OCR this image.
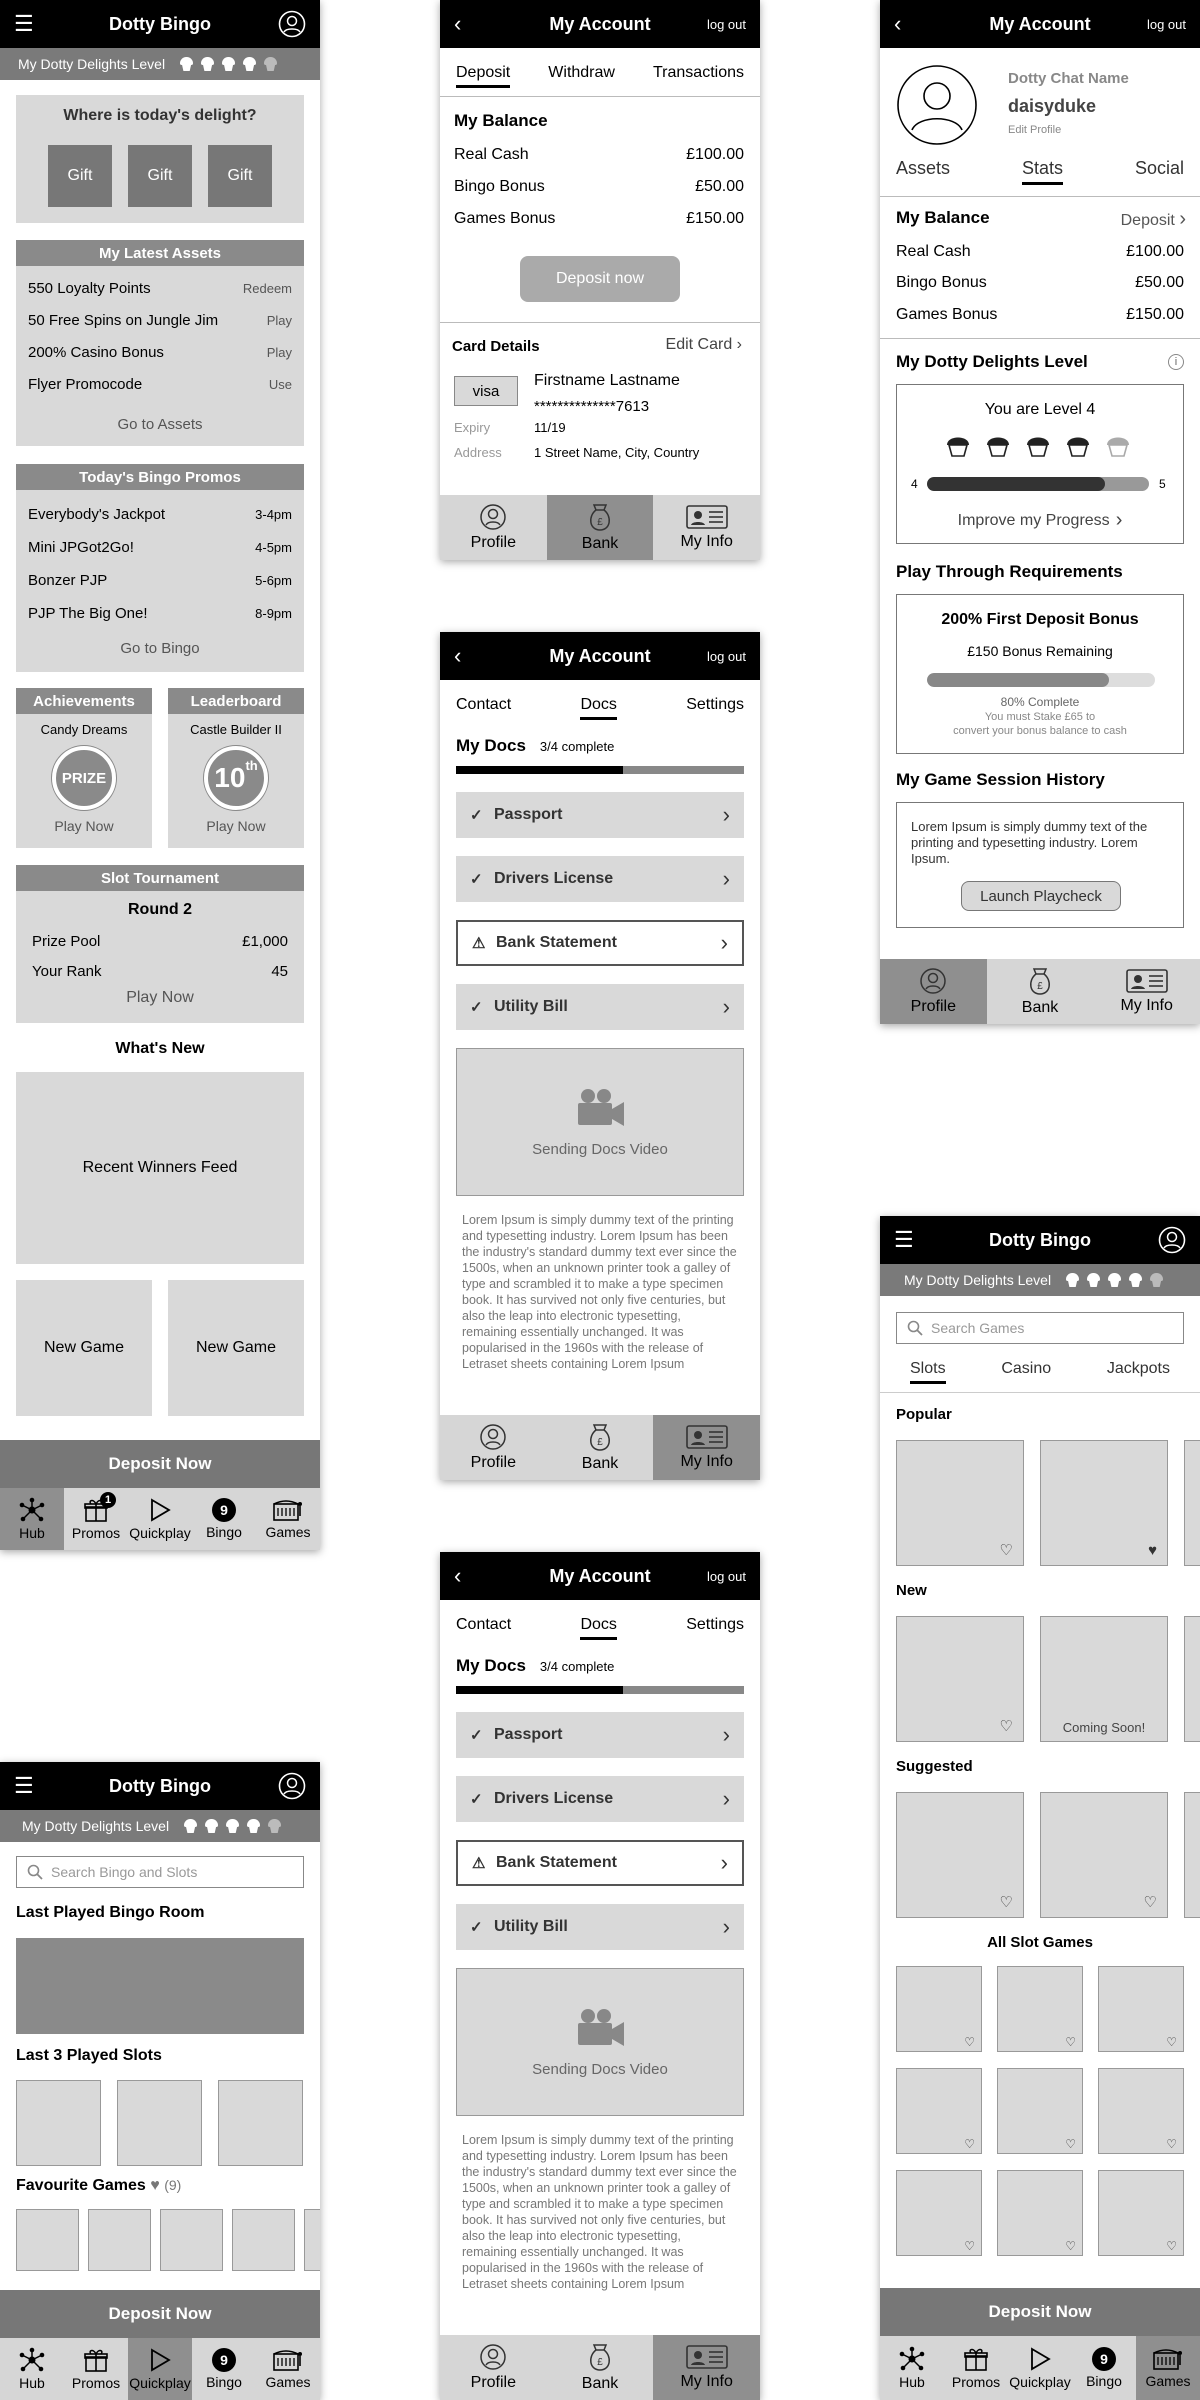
☰	Dotty Bingo
My Dotty Delights Level
Where is today's delight?
Gift	Gift	Gift
My Latest Assets
550 Loyalty Points	Redeem
50 Free Spins on Jungle Jim	Play
200% Casino Bonus	Play
Flyer Promocode	Use
Go to Assets
Today's Bingo Promos
Everybody's Jackpot	3-4pm
Mini JPGot2Go!	4-5pm
Bonzer PJP	5-6pm
PJP The Big One!	8-9pm
Go to Bingo
Achievements
Candy Dreams
PRIZE
Play Now
Leaderboard
Castle Builder II
10th
Play Now
Slot Tournament
Round 2
Prize Pool	£1,000
Your Rank	45
Play Now
What's New
Recent Winners Feed
New Game	New Game
Deposit Now
Hub
1
Promos Quickplay
9
Bingo Games
☰	Dotty Bingo
My Dotty Delights Level
Search Bingo and Slots
Last Played Bingo Room
Last 3 Played Slots
Favourite Games ♥ (9)
Deposit Now
Hub Promos Quickplay
9
Bingo Games
‹	My Account	log out
Deposit Withdraw Transactions
My Balance
Real Cash	£100.00
Bingo Bonus	£50.00
Games Bonus	£150.00
Deposit now
Card Details	Edit Card ›
visa
Firstname Lastname
**************7613
Expiry	11/19
Address 1 Street Name, City, Country
Profile
£
Bank	My Info
‹	My Account	log out
Contact	Docs	Settings
My Docs 3/4 complete
✓ Passport	›
✓ Drivers License	›
⚠ Bank Statement	›
✓ Utility Bill	›
Sending Docs Video
Lorem Ipsum is simply dummy text of the printing and typesetting industry. Lorem Ipsum has been the industry's standard dummy text ever since the 1500s, when an unknown printer took a galley of type and scrambled it to make a type specimen book. It has survived not only five centuries, but also the leap into electronic typesetting, remaining essentially unchanged. It was popularised in the 1960s with the release of Letraset sheets containing Lorem Ipsum
Profile
£
Bank	My Info
‹	My Account	log out
Contact	Docs	Settings
My Docs 3/4 complete
✓ Passport	›
✓ Drivers License	›
⚠ Bank Statement	›
✓ Utility Bill	›
Sending Docs Video
Lorem Ipsum is simply dummy text of the printing and typesetting industry. Lorem Ipsum has been the industry's standard dummy text ever since the 1500s, when an unknown printer took a galley of type and scrambled it to make a type specimen book. It has survived not only five centuries, but also the leap into electronic typesetting, remaining essentially unchanged. It was popularised in the 1960s with the release of Letraset sheets containing Lorem Ipsum
Profile
£
Bank	My Info
‹	My Account	log out
Dotty Chat Name
daisyduke
Edit Profile
Assets	Stats	Social
My Balance	Deposit ›
Real Cash	£100.00
Bingo Bonus	£50.00
Games Bonus	£150.00
My Dotty Delights Level	i
You are Level 4
4	5
Improve my Progress ›
Play Through Requirements
200% First Deposit Bonus
£150 Bonus Remaining
80% Complete
You must Stake £65 to
convert your bonus balance to cash
My Game Session History
Lorem Ipsum is simply dummy text of the printing and typesetting industry. Lorem Ipsum.
Launch Playcheck
Profile
£
Bank	My Info
☰	Dotty Bingo
My Dotty Delights Level
Search Games
Slots	Casino	Jackpots
Popular
♡	♥
New
♡	Coming Soon!
Suggested
♡	♡
All Slot Games
♡	♡	♡
♡	♡	♡
♡	♡	♡
Deposit Now
Hub Promos Quickplay
9
Bingo Games
